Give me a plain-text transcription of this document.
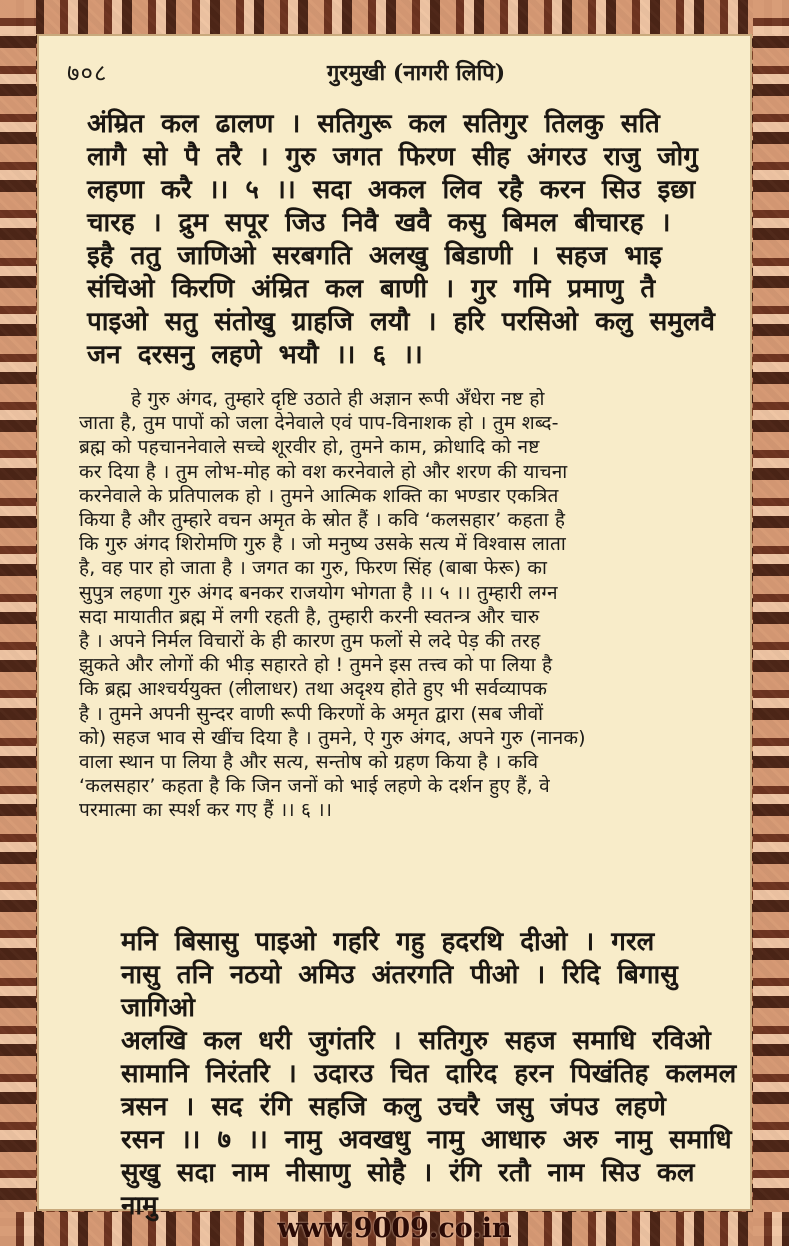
७०८	गुरमुखी (नागरी लिपि)

अंम्रित कल ढालण । सतिगुरू कल सतिगुर तिलकु सति

लागै सो पै तरै । गुरु जगत फिरण सीह अंगरउ राजु जोगु

लहणा करै ।। ५ ।। सदा अकल लिव रहै करन सिउ इछा

चारह । द्रुम सपूर जिउ निवै खवै कसु बिमल बीचारह ।

इहै ततु जाणिओ सरबगति अलखु बिडाणी । सहज भाइ

संचिओ किरणि अंम्रित कल बाणी । गुर गमि प्रमाणु तै

पाइओ सतु संतोखु ग्राहजि लयौ । हरि परसिओ कलु समुलवै

जन दरसनु लहणे भयौ ।। ६ ।।

हे गुरु अंगद, तुम्हारे दृष्टि उठाते ही अज्ञान रूपी अँधेरा नष्ट हो

जाता है, तुम पापों को जला देनेवाले एवं पाप-विनाशक हो । तुम शब्द-

ब्रह्म को पहचाननेवाले सच्चे शूरवीर हो, तुमने काम, क्रोधादि को नष्ट

कर दिया है । तुम लोभ-मोह को वश करनेवाले हो और शरण की याचना

करनेवाले के प्रतिपालक हो । तुमने आत्मिक शक्ति का भण्डार एकत्रित

किया है और तुम्हारे वचन अमृत के स्रोत हैं । कवि ‘कलसहार’ कहता है

कि गुरु अंगद शिरोमणि गुरु है । जो मनुष्य उसके सत्य में विश्वास लाता

है, वह पार हो जाता है । जगत का गुरु, फिरण सिंह (बाबा फेरू) का

सुपुत्र लहणा गुरु अंगद बनकर राजयोग भोगता है ।। ५ ।। तुम्हारी लग्न

सदा मायातीत ब्रह्म में लगी रहती है, तुम्हारी करनी स्वतन्त्र और चारु

है । अपने निर्मल विचारों के ही कारण तुम फलों से लदे पेड़ की तरह

झुकते और लोगों की भीड़ सहारते हो ! तुमने इस तत्त्व को पा लिया है

कि ब्रह्म आश्चर्ययुक्त (लीलाधर) तथा अदृश्य होते हुए भी सर्वव्यापक

है । तुमने अपनी सुन्दर वाणी रूपी किरणों के अमृत द्वारा (सब जीवों

को) सहज भाव से खींच दिया है । तुमने, ऐ गुरु अंगद, अपने गुरु (नानक)

वाला स्थान पा लिया है और सत्य, सन्तोष को ग्रहण किया है । कवि

‘कलसहार’ कहता है कि जिन जनों को भाई लहणे के दर्शन हुए हैं, वे

परमात्मा का स्पर्श कर गए हैं ।। ६ ।।

मनि बिसासु पाइओ गहरि गहु हदरथि दीओ । गरल

नासु तनि नठयो अमिउ अंतरगति पीओ । रिदि बिगासु जागिओ

अलखि कल धरी जुगंतरि । सतिगुरु सहज समाधि रविओ

सामानि निरंतरि । उदारउ चित दारिद हरन पिखंतिह कलमल

त्रसन । सद रंगि सहजि कलु उचरै जसु जंपउ लहणे

रसन ।। ७ ।। नामु अवखधु नामु आधारु अरु नामु समाधि

सुखु सदा नाम नीसाणु सोहै । रंगि रतौ नाम सिउ कल नामु

www.9009.co.in
